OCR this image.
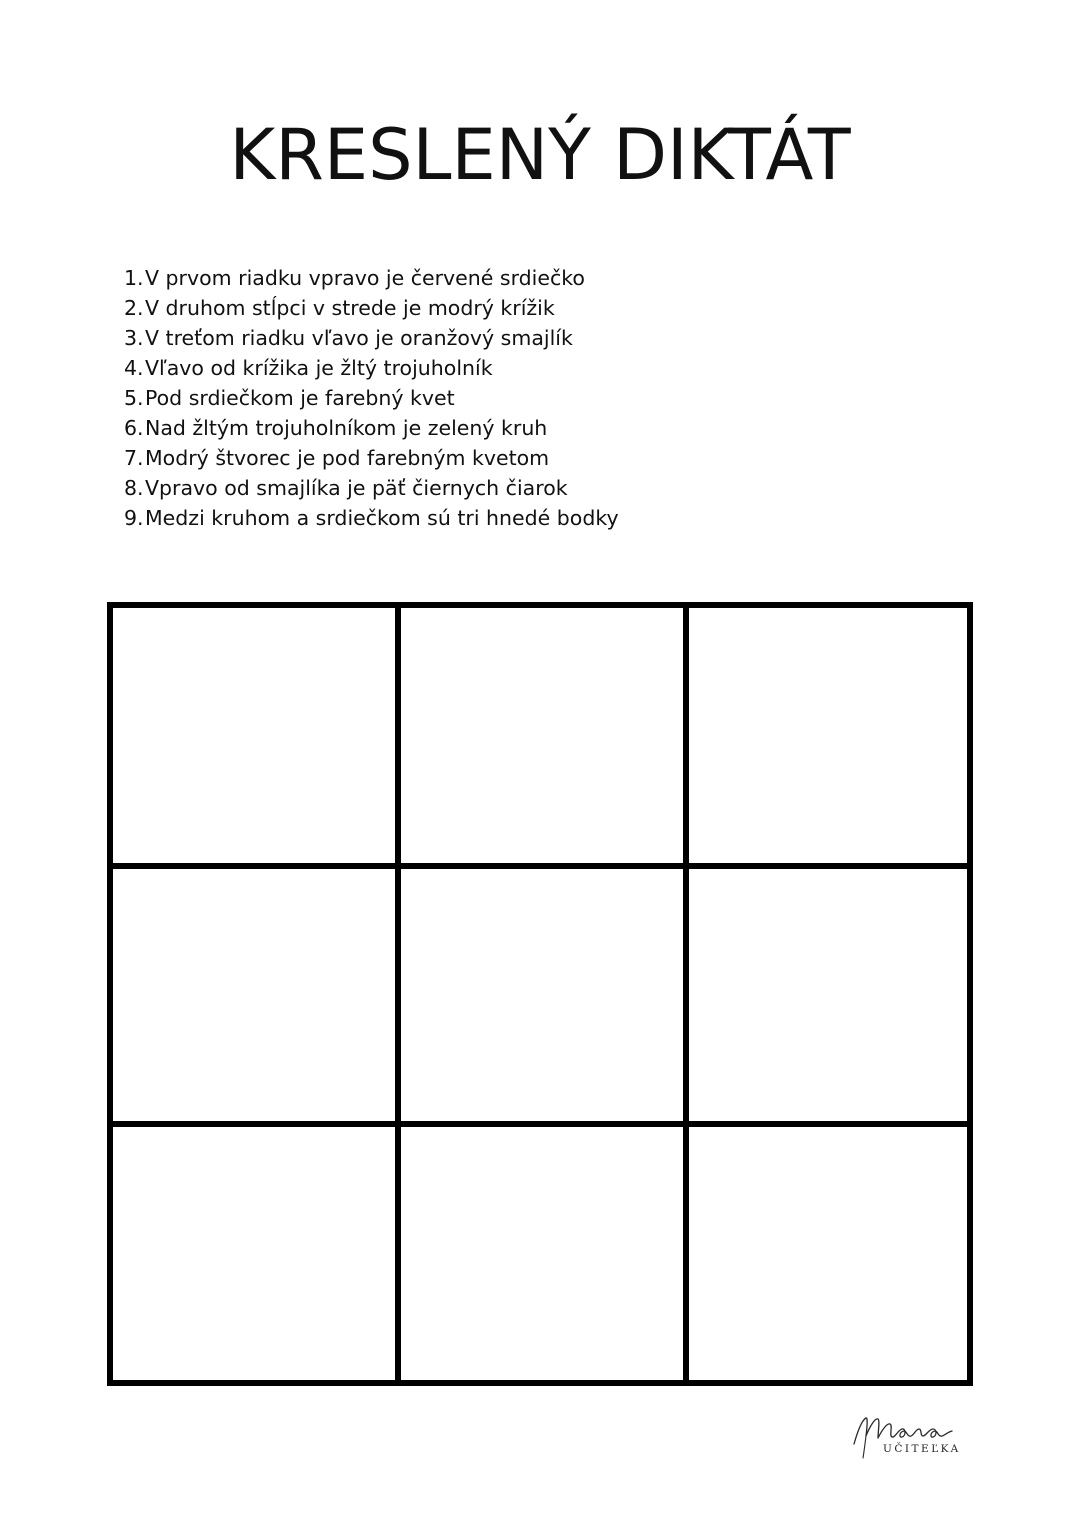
KRESLENÝ DIKTÁT
1. V prvom riadku vpravo je červené srdiečko
2. V druhom stĺpci v strede je modrý krížik
3. V treťom riadku vľavo je oranžový smajlík
4. Vľavo od krížika je žltý trojuholník
5. Pod srdiečkom je farebný kvet
6. Nad žltým trojuholníkom je zelený kruh
7. Modrý štvorec je pod farebným kvetom
8. Vpravo od smajlíka je päť čiernych čiarok
9. Medzi kruhom a srdiečkom sú tri hnedé bodky
UČITEĽKA
